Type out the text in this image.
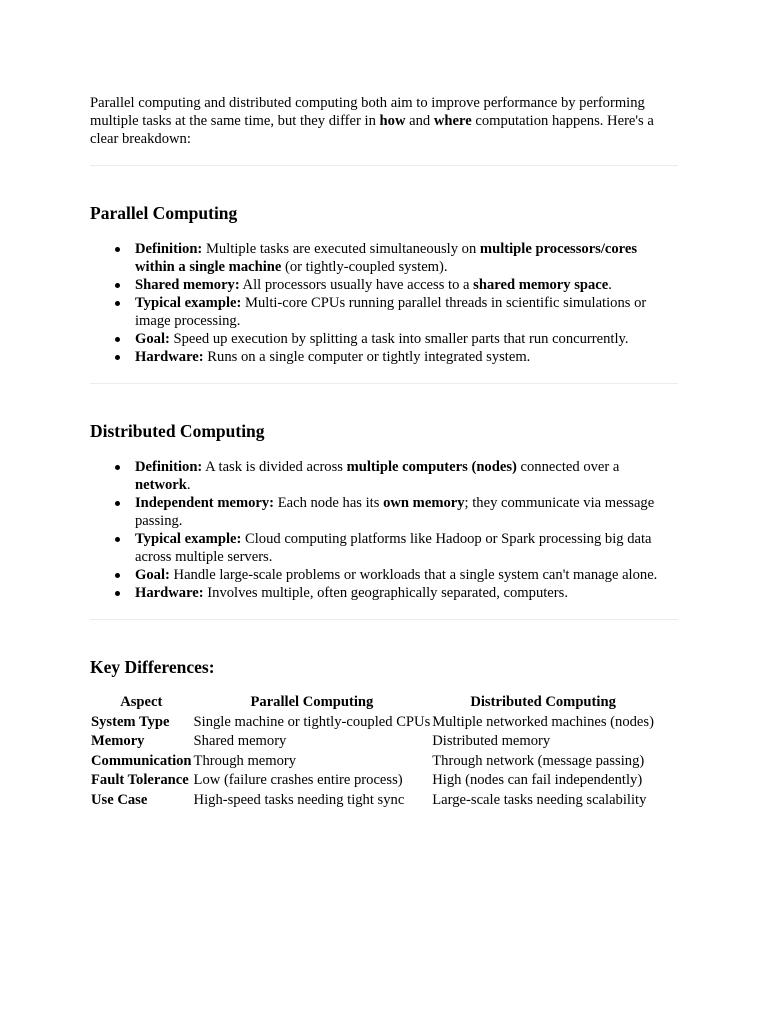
Parallel computing and distributed computing both aim to improve performance by performing multiple tasks at the same time, but they differ in how and where computation happens. Here's a clear breakdown:

Parallel Computing
Definition: Multiple tasks are executed simultaneously on multiple processors/cores within a single machine (or tightly-coupled system).
Shared memory: All processors usually have access to a shared memory space.
Typical example: Multi-core CPUs running parallel threads in scientific simulations or image processing.
Goal: Speed up execution by splitting a task into smaller parts that run concurrently.
Hardware: Runs on a single computer or tightly integrated system.
Distributed Computing
Definition: A task is divided across multiple computers (nodes) connected over a network.
Independent memory: Each node has its own memory; they communicate via message passing.
Typical example: Cloud computing platforms like Hadoop or Spark processing big data across multiple servers.
Goal: Handle large-scale problems or workloads that a single system can't manage alone.
Hardware: Involves multiple, often geographically separated, computers.
Key Differences:
Aspect	Parallel Computing	Distributed Computing
System Type	Single machine or tightly-coupled CPUs	Multiple networked machines (nodes)
Memory	Shared memory	Distributed memory
Communication	Through memory	Through network (message passing)
Fault Tolerance	Low (failure crashes entire process)	High (nodes can fail independently)
Use Case	High-speed tasks needing tight sync	Large-scale tasks needing scalability
